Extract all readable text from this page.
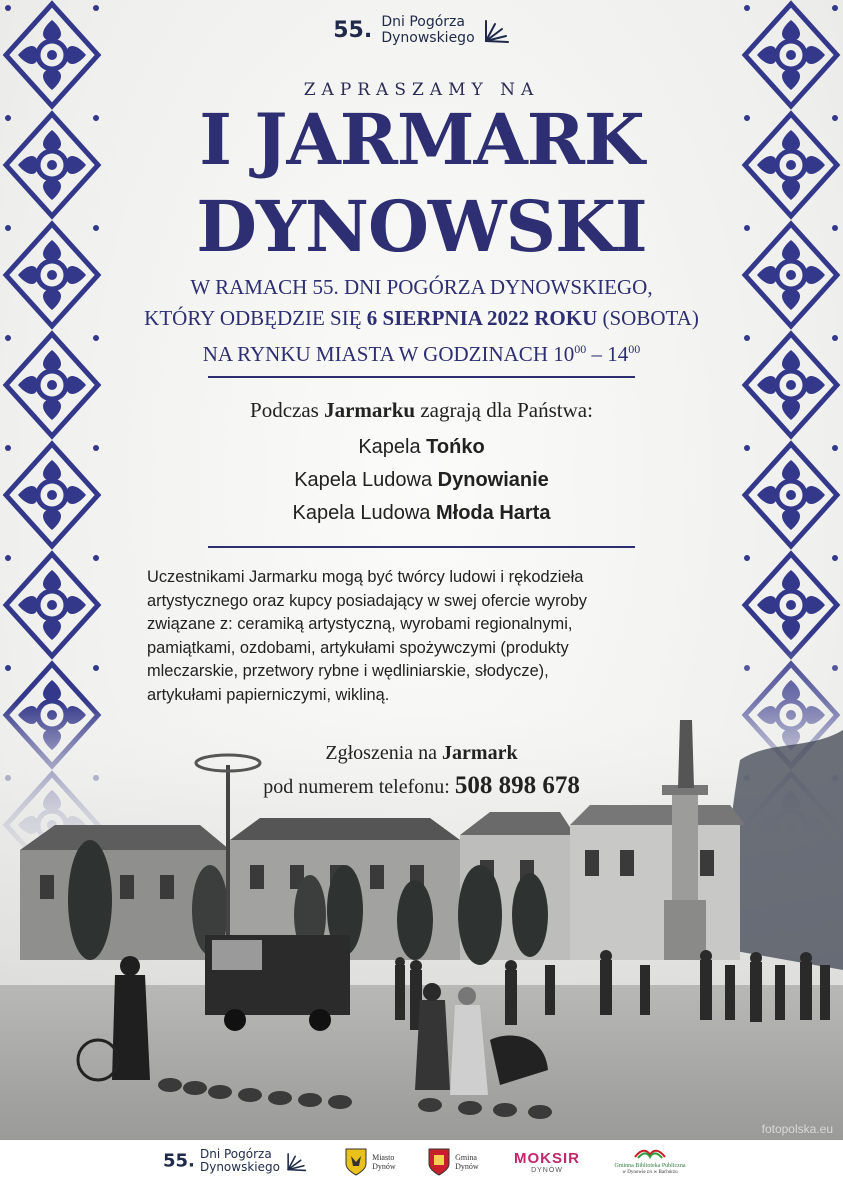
55. Dni Pogórza
Dynowskiego
ZAPRASZAMY NA
I JARMARK
DYNOWSKI
W RAMACH 55. DNI POGÓRZA DYNOWSKIEGO,
KTÓRY ODBĘDZIE SIĘ 6 SIERPNIA 2022 ROKU (SOBOTA)
NA RYNKU MIASTA W GODZINACH $10^{00} - 14^{00}$
Podczas Jarmarku zagrają dla Państwa:
Kapela Tońko
Kapela Ludowa Dynowianie
Kapela Ludowa Młoda Harta
Uczestnikami Jarmarku mogą być twórcy ludowi i rękodzieła
artystycznego oraz kupcy posiadający w swej ofercie wyroby
związane z: ceramiką artystyczną, wyrobami regionalnymi,
pamiątkami, ozdobami, artykułami spożywczymi (produkty
mleczarskie, przetwory rybne i wędliniarskie, słodycze),
artykułami papierniczymi, wikliną.
Zgłoszenia na Jarmark
pod numerem telefonu: 508 898 678
fotopolska.eu
55. Dni Pogórza
Dynowskiego
Miasto
Dynów
Gmina
Dynów MOKSIR
DYNÓW
Gminna Biblioteka Publiczna
w Dynowie z/s w Bachórzu
